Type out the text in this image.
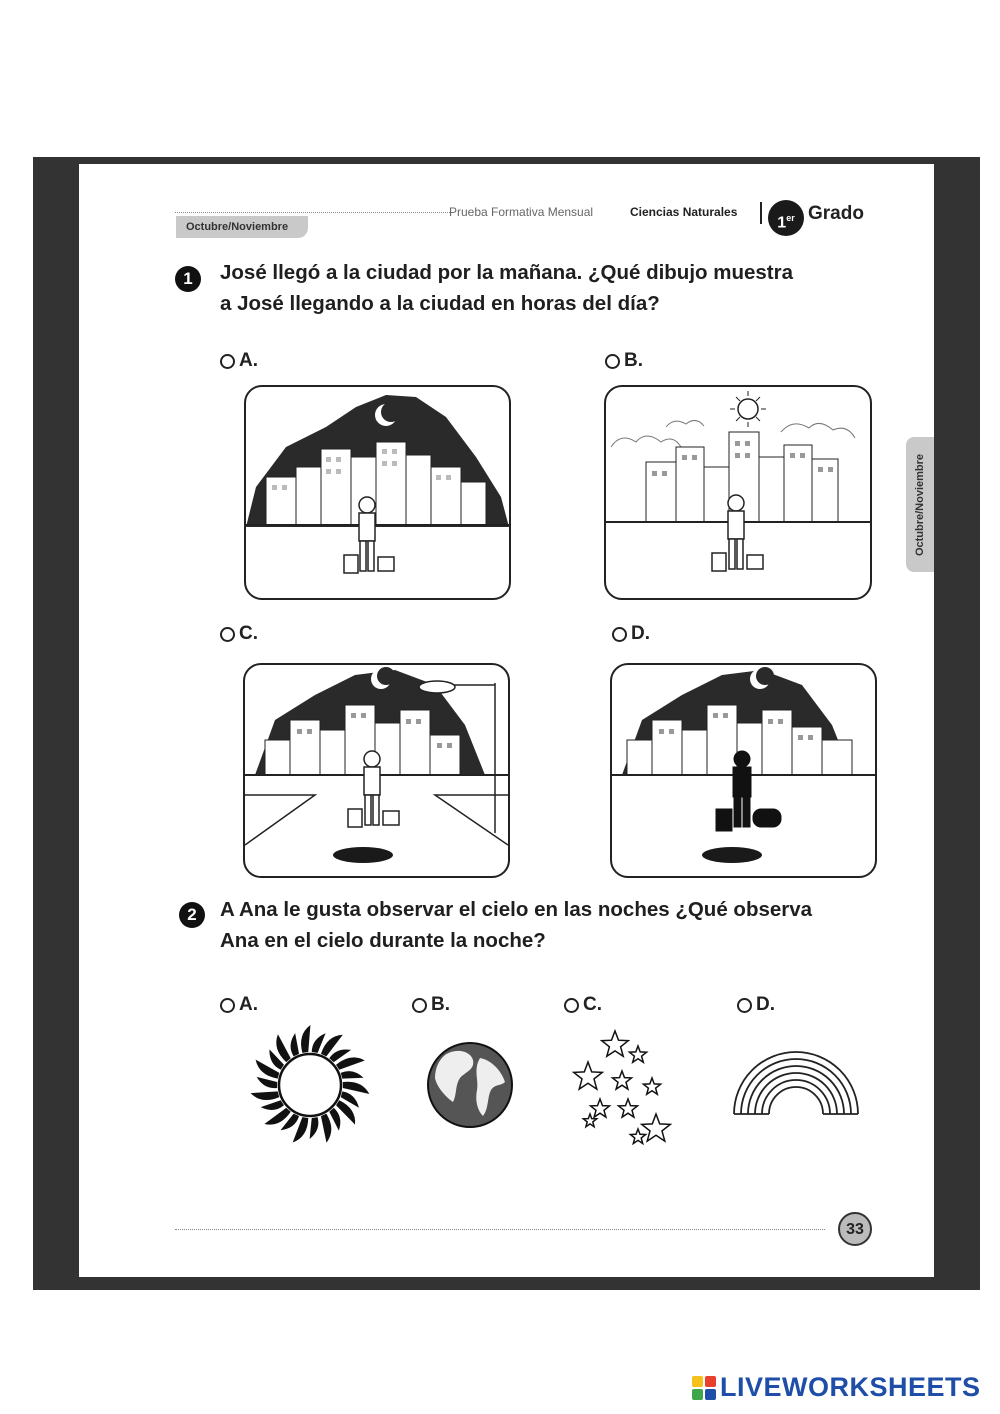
Octubre/Noviembre
Prueba Formativa Mensual	Ciencias Naturales
1er Grado
Octubre/Noviembre
1	José llegó a la ciudad por la mañana. ¿Qué dibujo muestra
a José llegando a la ciudad en horas del día?
A.	B.
C.	D.
2	A Ana le gusta observar el cielo en las noches ¿Qué observa
Ana en el cielo durante la noche?
A.	B.	C.	D.
33
LIVEWORKSHEETS
